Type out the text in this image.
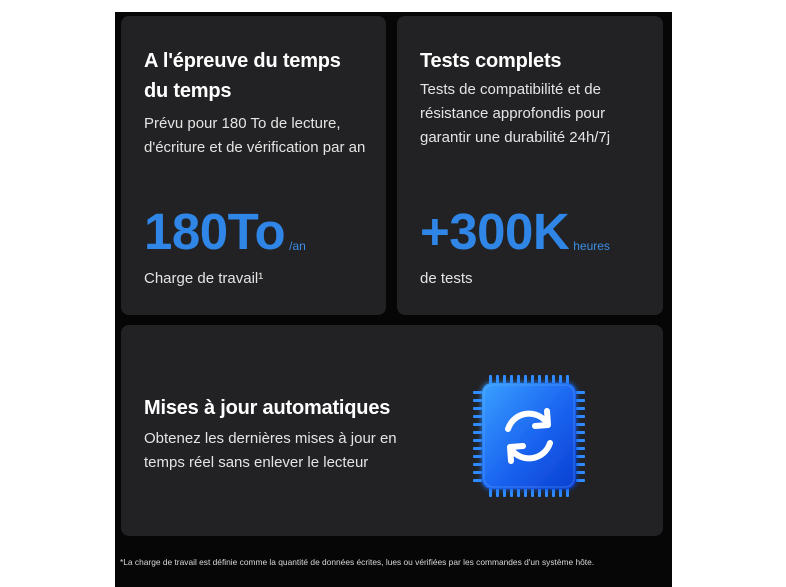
A l'épreuve du temps
du temps

Prévu pour 180 To de lecture,
d'écriture et de vérification par an

180To /an
Charge de travail¹

Tests complets

Tests de compatibilité et de
résistance approfondis pour
garantir une durabilité 24h/7j

+300K heures
de tests

Mises à jour automatiques

Obtenez les dernières mises à jour en
temps réel sans enlever le lecteur

*La charge de travail est définie comme la quantité de données écrites, lues ou vérifiées par les commandes d'un système hôte.
